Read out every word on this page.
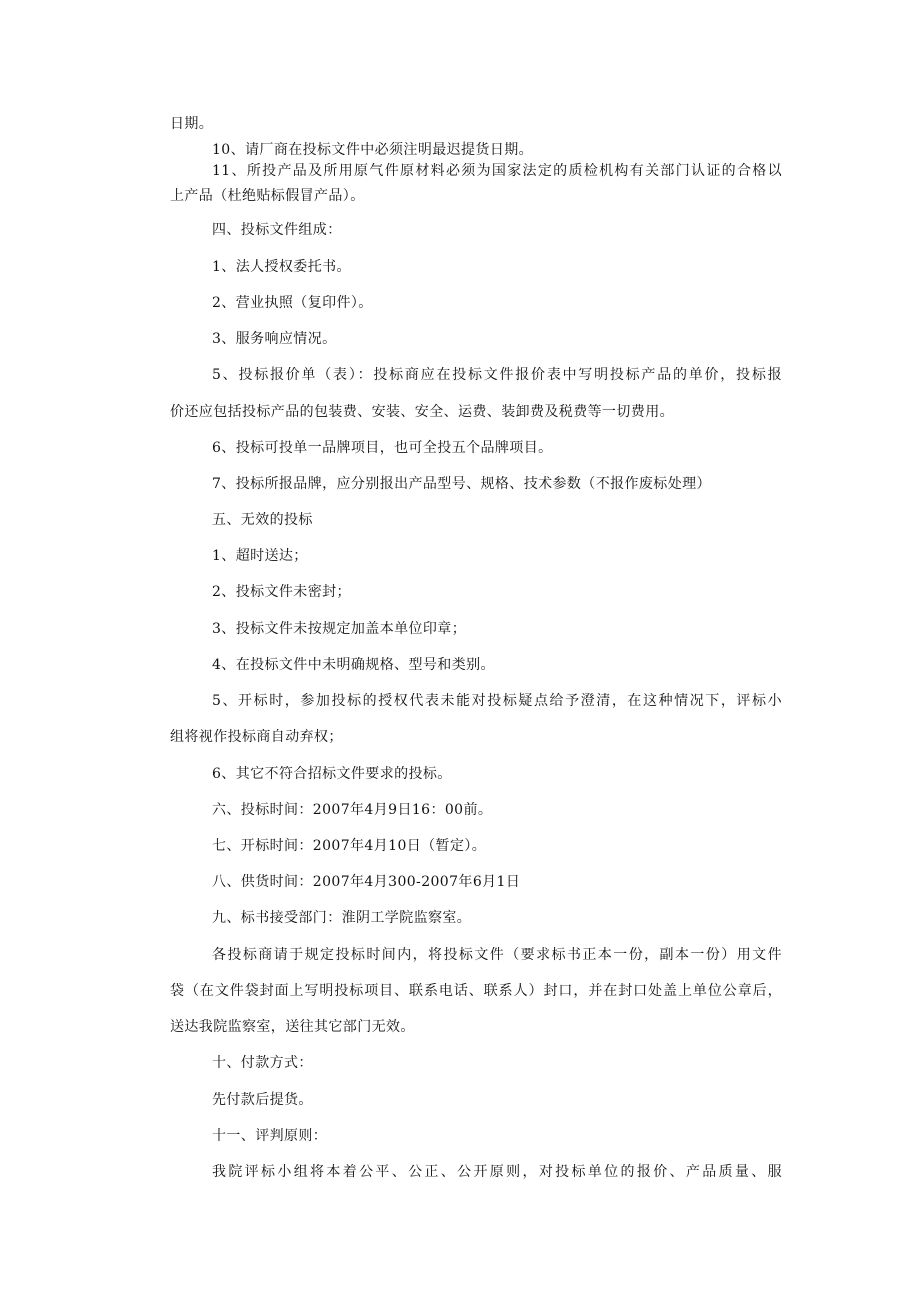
日期。
10、请厂商在投标文件中必须注明最迟提货日期。
11、所投产品及所用原气件原材料必须为国家法定的质检机构有关部门认证的合格以
上产品（杜绝贴标假冒产品）。
四、投标文件组成：
1、法人授权委托书。
2、营业执照（复印件）。
3、服务响应情况。
5、投标报价单（表）：投标商应在投标文件报价表中写明投标产品的单价，投标报
价还应包括投标产品的包装费、安装、安全、运费、装卸费及税费等一切费用。
6、投标可投单一品牌项目，也可全投五个品牌项目。
7、投标所报品牌，应分别报出产品型号、规格、技术参数（不报作废标处理）
五、无效的投标
1、超时送达；
2、投标文件未密封；
3、投标文件未按规定加盖本单位印章；
4、在投标文件中未明确规格、型号和类别。
5、开标时，参加投标的授权代表未能对投标疑点给予澄清，在这种情况下，评标小
组将视作投标商自动弃权；
6、其它不符合招标文件要求的投标。
六、投标时间：2007年4月9日16：00前。
七、开标时间：2007年4月10日（暂定）。
八、供货时间：2007年4月300-2007年6月1日
九、标书接受部门：淮阴工学院监察室。
各投标商请于规定投标时间内，将投标文件（要求标书正本一份，副本一份）用文件
袋（在文件袋封面上写明投标项目、联系电话、联系人）封口，并在封口处盖上单位公章后，
送达我院监察室，送往其它部门无效。
十、付款方式：
先付款后提货。
十一、评判原则：
我院评标小组将本着公平、公正、公开原则，对投标单位的报价、产品质量、服
